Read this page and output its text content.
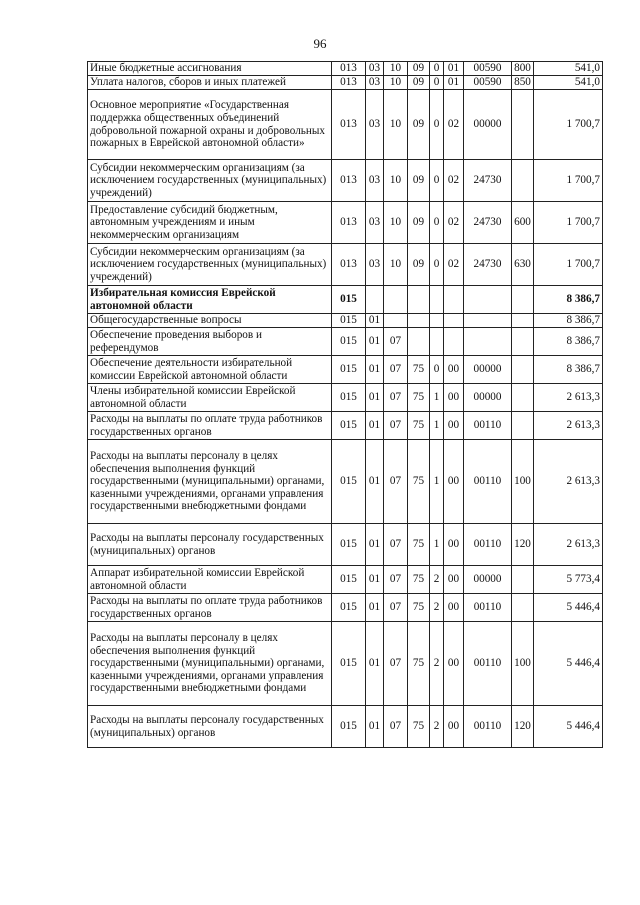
96
Иные бюджетные ассигнования	013	03	10	09	0	01	00590	800	541,0
Уплата налогов, сборов и иных платежей	013	03	10	09	0	01	00590	850	541,0
Основное мероприятие «Государственная поддержка общественных объединений добровольной пожарной охраны и добровольных пожарных в Еврейской автономной области»	013	03	10	09	0	02	00000		1 700,7
Субсидии некоммерческим организациям (за исключением государственных (муниципальных) учреждений)	013	03	10	09	0	02	24730		1 700,7
Предоставление субсидий бюджетным, автономным учреждениям и иным некоммерческим организациям	013	03	10	09	0	02	24730	600	1 700,7
Субсидии некоммерческим организациям (за исключением государственных (муниципальных) учреждений)	013	03	10	09	0	02	24730	630	1 700,7
Избирательная комиссия Еврейской автономной области	015								8 386,7
Общегосударственные вопросы	015	01							8 386,7
Обеспечение проведения выборов и референдумов	015	01	07						8 386,7
Обеспечение деятельности избирательной комиссии Еврейской автономной области	015	01	07	75	0	00	00000		8 386,7
Члены избирательной комиссии Еврейской автономной области	015	01	07	75	1	00	00000		2 613,3
Расходы на выплаты по оплате труда работников государственных органов	015	01	07	75	1	00	00110		2 613,3
Расходы на выплаты персоналу в целях обеспечения выполнения функций государственными (муниципальными) органами, казенными учреждениями, органами управления государственными внебюджетными фондами	015	01	07	75	1	00	00110	100	2 613,3
Расходы на выплаты персоналу государственных (муниципальных) органов	015	01	07	75	1	00	00110	120	2 613,3
Аппарат избирательной комиссии Еврейской автономной области	015	01	07	75	2	00	00000		5 773,4
Расходы на выплаты по оплате труда работников государственных органов	015	01	07	75	2	00	00110		5 446,4
Расходы на выплаты персоналу в целях обеспечения выполнения функций государственными (муниципальными) органами, казенными учреждениями, органами управления государственными внебюджетными фондами	015	01	07	75	2	00	00110	100	5 446,4
Расходы на выплаты персоналу государственных (муниципальных) органов	015	01	07	75	2	00	00110	120	5 446,4
